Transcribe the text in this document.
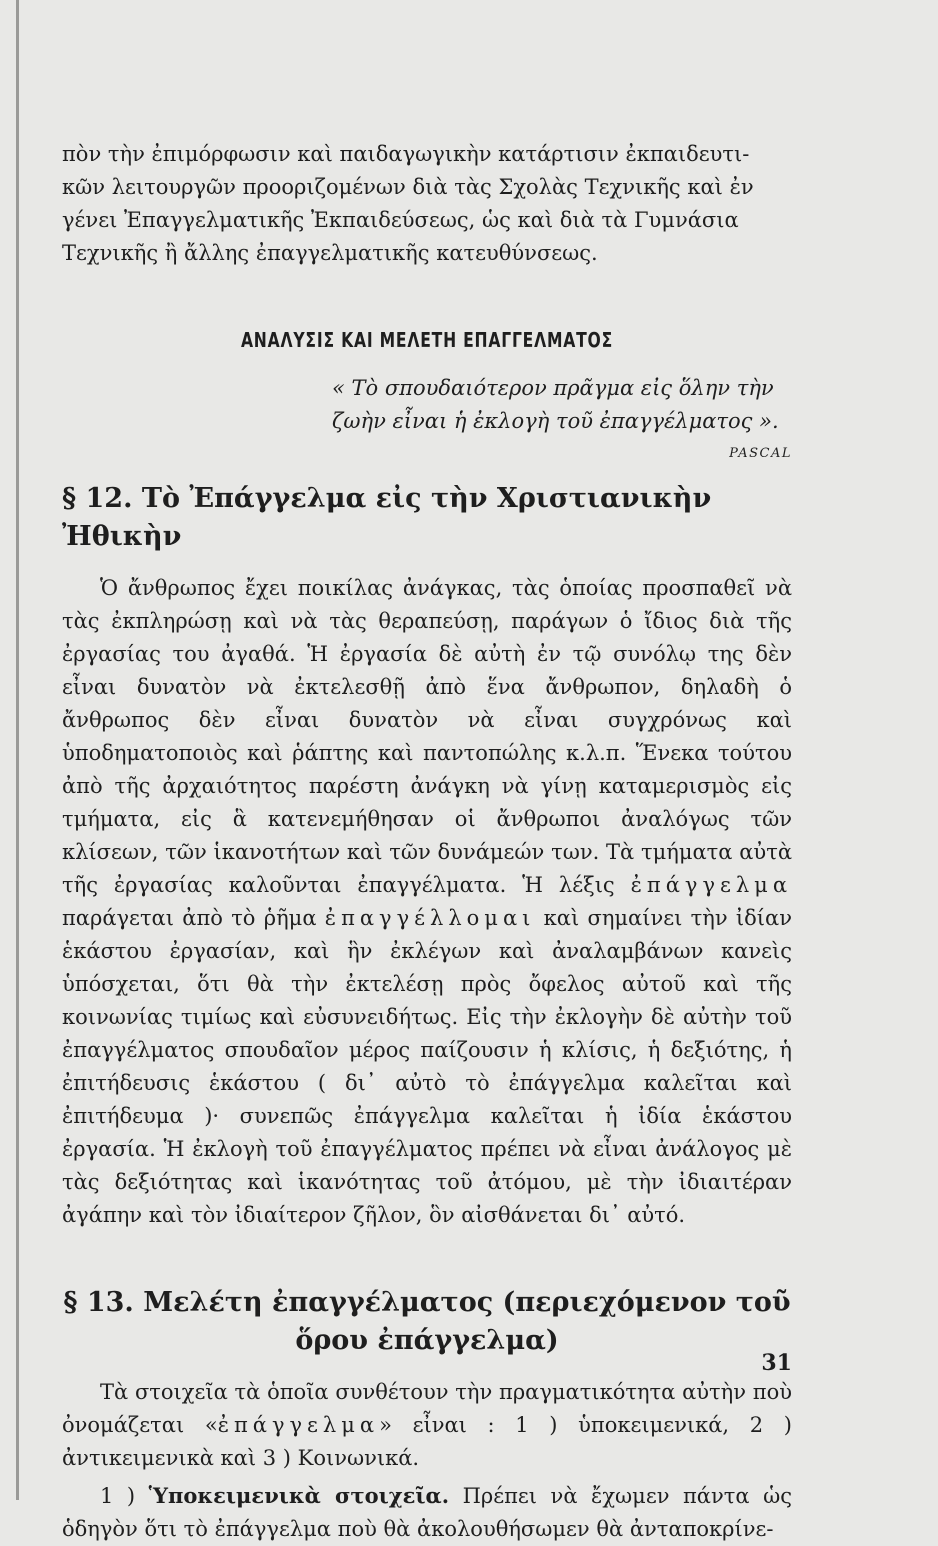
πὸν τὴν ἐπιμόρφωσιν καὶ παιδαγωγικὴν κατάρτισιν ἐκπαιδευτι-
κῶν λειτουργῶν προοριζομένων διὰ τὰς Σχολὰς Τεχνικῆς καὶ ἐν
γένει Ἐπαγγελματικῆς Ἐκπαιδεύσεως, ὡς καὶ διὰ τὰ Γυμνάσια
Τεχνικῆς ἢ ἄλλης ἐπαγγελματικῆς κατευθύνσεως.

ΑΝΑΛΥΣΙΣ ΚΑΙ ΜΕΛΕΤΗ ΕΠΑΓΓΕΛΜΑΤΟΣ
« Τὸ σπουδαιότερον πρᾶγμα εἰς ὅλην τὴν
ζωὴν εἶναι ἡ ἐκλογὴ τοῦ ἐπαγγέλματος ».
PASCAL
§ 12. Τὸ Ἐπάγγελμα εἰς τὴν Χριστιανικὴν Ἠθικὴν

Ὁ ἄνθρωπος ἔχει ποικίλας ἀνάγκας, τὰς ὁποίας προσπαθεῖ νὰ τὰς ἐκπληρώσῃ καὶ νὰ τὰς θεραπεύσῃ, παράγων ὁ ἴδιος διὰ τῆς ἐργασίας του ἀγαθά. Ἡ ἐργασία δὲ αὐτὴ ἐν τῷ συνόλῳ της δὲν εἶναι δυνατὸν νὰ ἐκτελεσθῇ ἀπὸ ἕνα ἄνθρωπον, δηλαδὴ ὁ ἄνθρωπος δὲν εἶναι δυνατὸν νὰ εἶναι συγχρόνως καὶ ὑποδηματοποιὸς καὶ ῥάπτης καὶ παντοπώλης κ.λ.π. Ἕνεκα τούτου ἀπὸ τῆς ἀρχαιότητος παρέστη ἀνάγκη νὰ γίνῃ καταμερισμὸς εἰς τμήματα, εἰς ἃ κατενεμήθησαν οἱ ἄνθρωποι ἀναλόγως τῶν κλίσεων, τῶν ἱκανοτήτων καὶ τῶν δυνάμεών των. Τὰ τμήματα αὐτὰ τῆς ἐργασίας καλοῦνται ἐπαγγέλματα. Ἡ λέξις ἐπάγγελμα παράγεται ἀπὸ τὸ ῥῆμα ἐπαγγέλλομαι καὶ σημαίνει τὴν ἰδίαν ἑκάστου ἐργασίαν, καὶ ἣν ἐκλέγων καὶ ἀναλαμβάνων κανεὶς ὑπόσχεται, ὅτι θὰ τὴν ἐκτελέσῃ πρὸς ὄφελος αὐτοῦ καὶ τῆς κοινωνίας τιμίως καὶ εὐσυνειδήτως. Εἰς τὴν ἐκλογὴν δὲ αὐτὴν τοῦ ἐπαγγέλματος σπουδαῖον μέρος παίζουσιν ἡ κλίσις, ἡ δεξιότης, ἡ ἐπιτήδευσις ἑκάστου ( δι᾽ αὐτὸ τὸ ἐπάγγελμα καλεῖται καὶ ἐπιτήδευμα )· συνεπῶς ἐπάγγελμα καλεῖται ἡ ἰδία ἑκάστου ἐργασία. Ἡ ἐκλογὴ τοῦ ἐπαγγέλματος πρέπει νὰ εἶναι ἀνάλογος μὲ τὰς δεξιότητας καὶ ἱκανότητας τοῦ ἀτόμου, μὲ τὴν ἰδιαιτέραν ἀγάπην καὶ τὸν ἰδιαίτερον ζῆλον, ὃν αἰσθάνεται δι᾽ αὐτό.

§ 13. Μελέτη ἐπαγγέλματος (περιεχόμενον τοῦ
ὅρου ἐπάγγελμα)

Τὰ στοιχεῖα τὰ ὁποῖα συνθέτουν τὴν πραγματικότητα αὐτὴν ποὺ ὀνομάζεται «ἐπάγγελμα» εἶναι : 1 ) ὑποκειμενικά, 2 ) ἀντικειμενικὰ καὶ 3 ) Κοινωνικά.

1 ) Ὑποκειμενικὰ στοιχεῖα. Πρέπει νὰ ἔχωμεν πάντα ὡς ὁδηγὸν ὅτι τὸ ἐπάγγελμα ποὺ θὰ ἀκολουθήσωμεν θὰ ἀνταποκρίνε-

31
